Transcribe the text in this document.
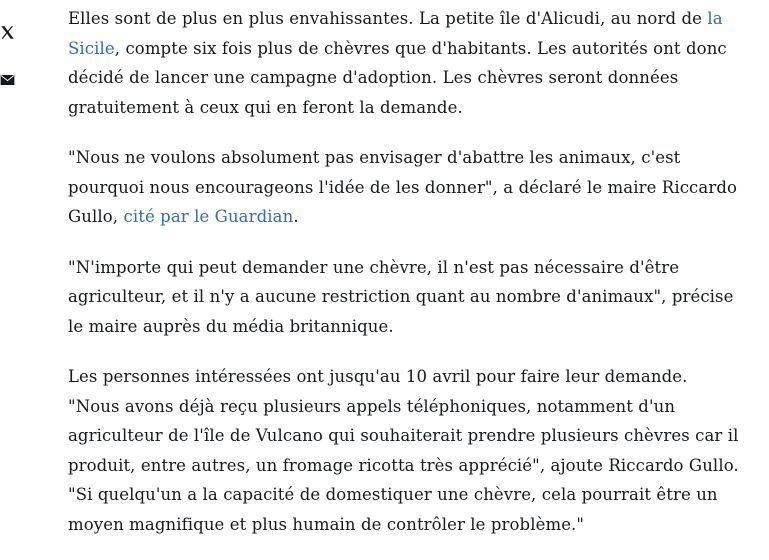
Elles sont de plus en plus envahissantes. La petite île d'Alicudi, au nord de la Sicile, compte six fois plus de chèvres que d'habitants. Les autorités ont donc décidé de lancer une campagne d'adoption. Les chèvres seront données gratuitement à ceux qui en feront la demande.

"Nous ne voulons absolument pas envisager d'abattre les animaux, c'est pourquoi nous encourageons l'idée de les donner", a déclaré le maire Riccardo Gullo, cité par le Guardian.

"N'importe qui peut demander une chèvre, il n'est pas nécessaire d'être agriculteur, et il n'y a aucune restriction quant au nombre d'animaux", précise le maire auprès du média britannique.

Les personnes intéressées ont jusqu'au 10 avril pour faire leur demande. "Nous avons déjà reçu plusieurs appels téléphoniques, notamment d'un agriculteur de l'île de Vulcano qui souhaiterait prendre plusieurs chèvres car il produit, entre autres, un fromage ricotta très apprécié", ajoute Riccardo Gullo. "Si quelqu'un a la capacité de domestiquer une chèvre, cela pourrait être un moyen magnifique et plus humain de contrôler le problème."
